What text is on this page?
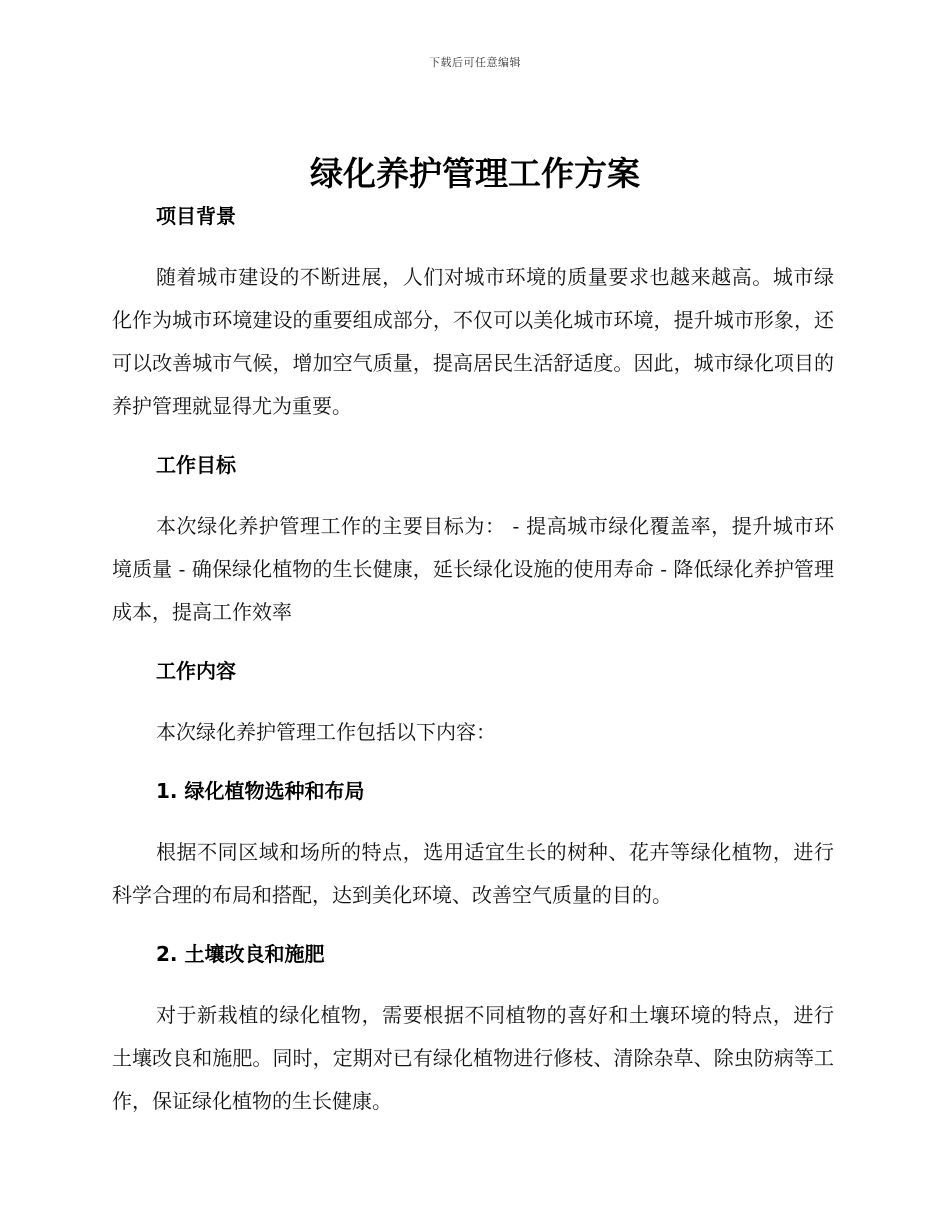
下载后可任意编辑
绿化养护管理工作方案
项目背景

随着城市建设的不断进展，人们对城市环境的质量要求也越来越高。城市绿化作为城市环境建设的重要组成部分，不仅可以美化城市环境，提升城市形象，还可以改善城市气候，增加空气质量，提高居民生活舒适度。因此，城市绿化项目的养护管理就显得尤为重要。

工作目标

本次绿化养护管理工作的主要目标为： - 提高城市绿化覆盖率，提升城市环境质量 - 确保绿化植物的生长健康，延长绿化设施的使用寿命 - 降低绿化养护管理成本，提高工作效率

工作内容

本次绿化养护管理工作包括以下内容：

1. 绿化植物选种和布局

根据不同区域和场所的特点，选用适宜生长的树种、花卉等绿化植物，进行科学合理的布局和搭配，达到美化环境、改善空气质量的目的。

2. 土壤改良和施肥

对于新栽植的绿化植物，需要根据不同植物的喜好和土壤环境的特点，进行土壤改良和施肥。同时，定期对已有绿化植物进行修枝、清除杂草、除虫防病等工作，保证绿化植物的生长健康。
